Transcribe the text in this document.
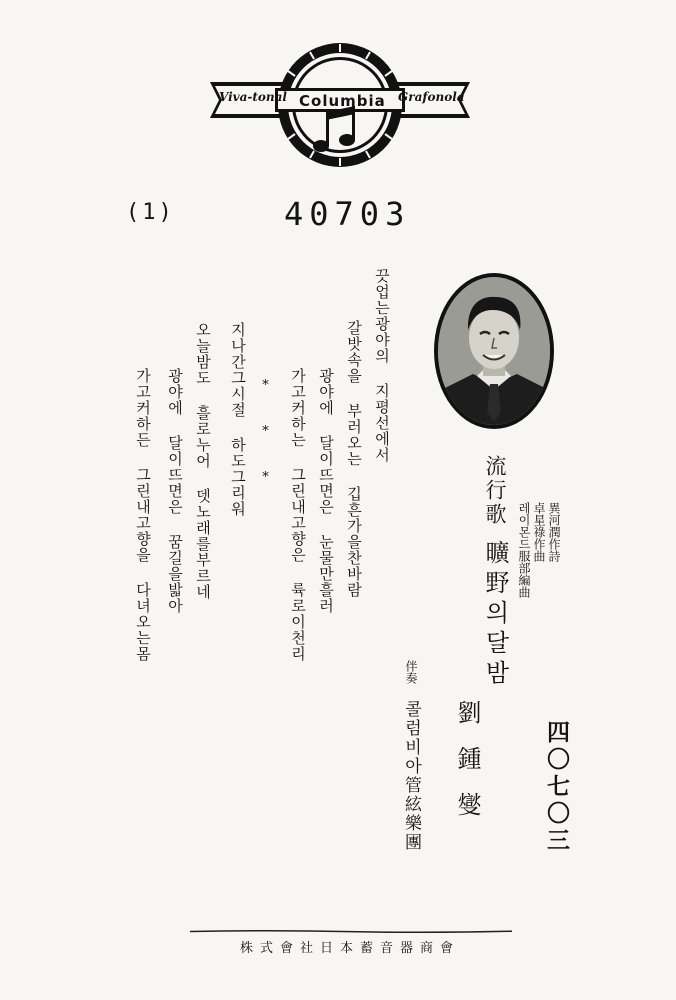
Viva-tonal Columbia Grafonola
(1)	40703
流行歌
曠野의달밤
異河潤作詩
卓星祿作曲
레이몬드服部編曲
劉鍾燮
伴奏
콜럼비아管絃樂團	四〇七〇三
끗업는광야의 지평선에서
갈밧속을 부러오는 깁흔가을찬바람
광야에 달이뜨면은 눈물만흘러
가고커하는 그린내고향은 륙로이천리
* * *
지나간그시절 하도그리워
오늘밤도 흘로누어 뎃노래를부르네
광야에 달이뜨면은 꿈길을밟아
가고커하든 그린내고향을 다녀오는몸
株式會社日本蓄音器商會
